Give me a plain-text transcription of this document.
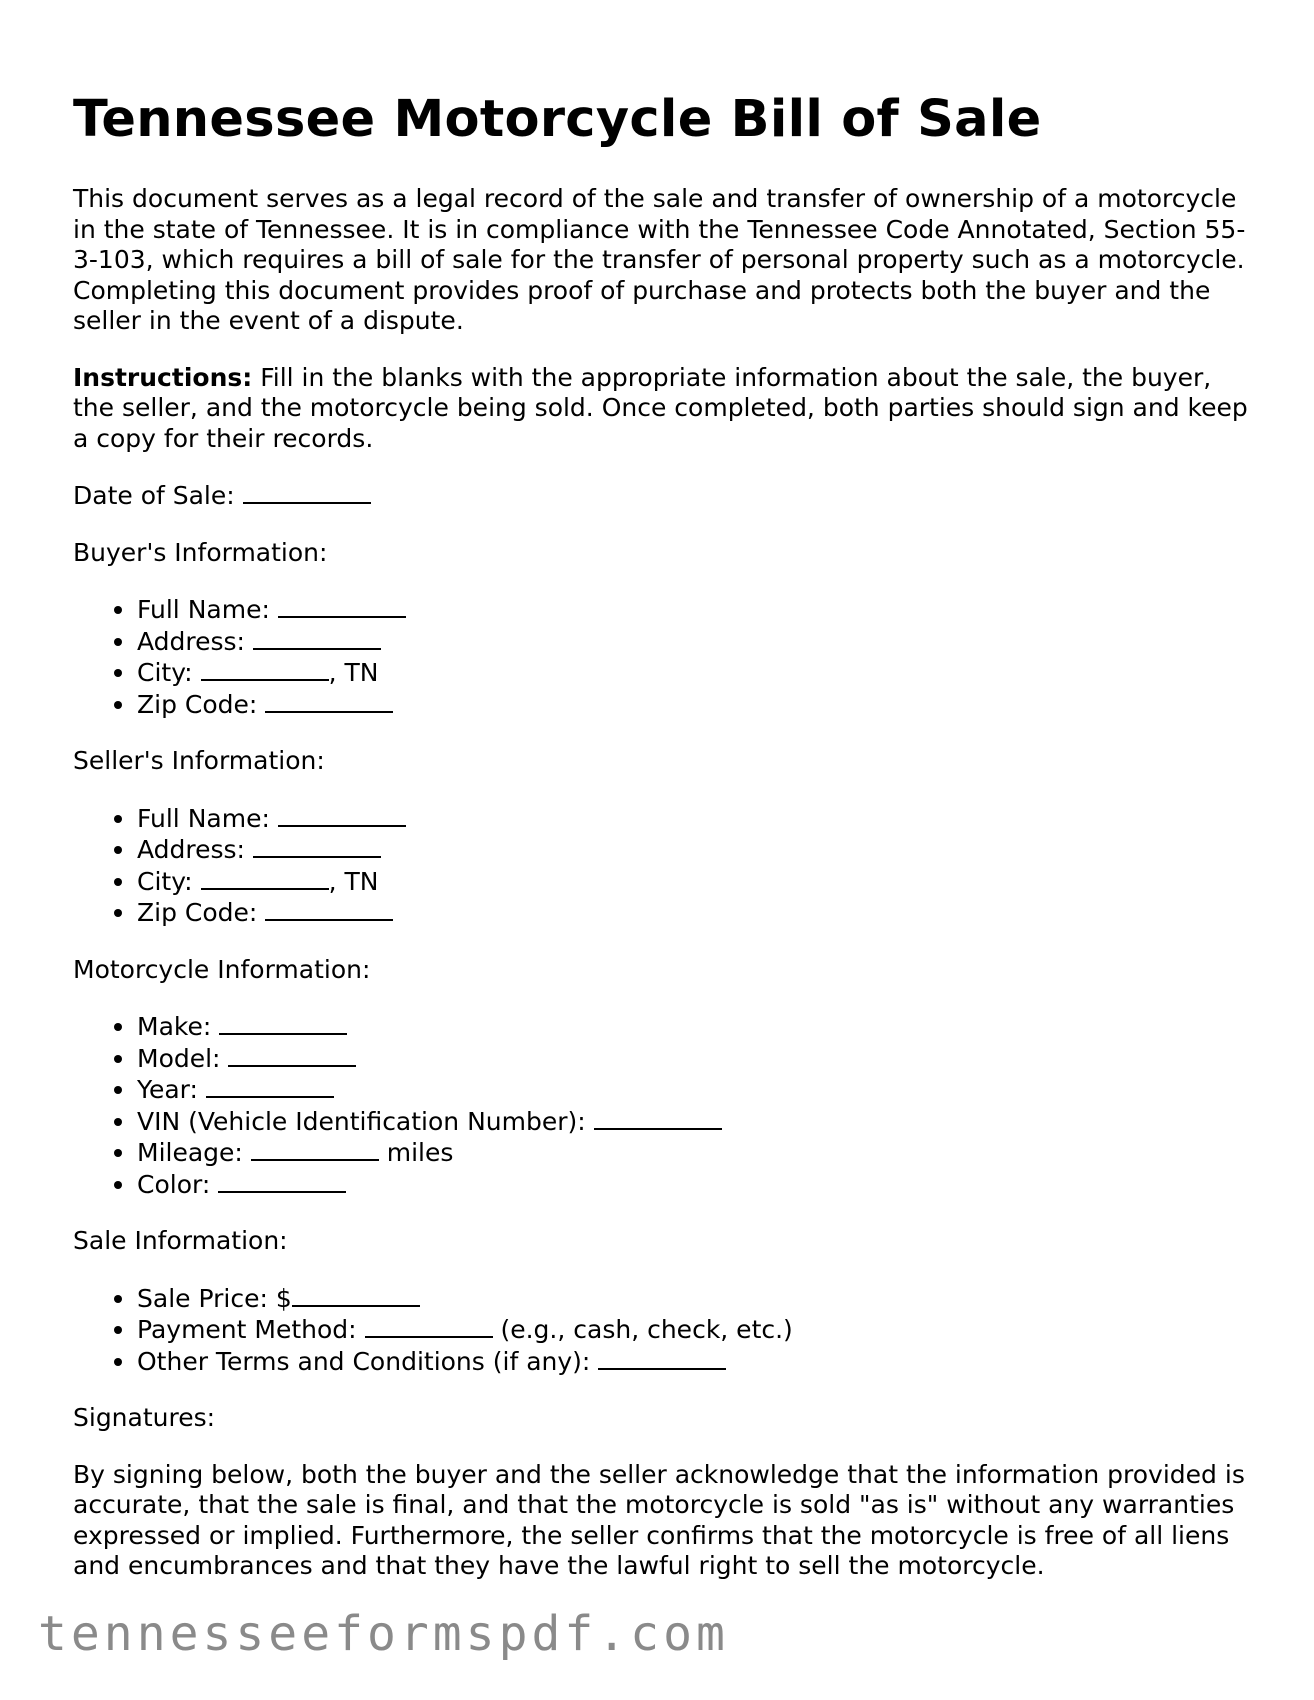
Tennessee Motorcycle Bill of Sale

This document serves as a legal record of the sale and transfer of ownership of a motorcycle in the state of Tennessee. It is in compliance with the Tennessee Code Annotated, Section 55-3-103, which requires a bill of sale for the transfer of personal property such as a motorcycle. Completing this document provides proof of purchase and protects both the buyer and the seller in the event of a dispute.

Instructions: Fill in the blanks with the appropriate information about the sale, the buyer, the seller, and the motorcycle being sold. Once completed, both parties should sign and keep a copy for their records.

Date of Sale:

Buyer's Information:

Full Name:
Address:
City:	, TN
Zip Code:

Seller's Information:

Full Name:
Address:
City:	, TN
Zip Code:

Motorcycle Information:

Make:
Model:
Year:
VIN (Vehicle Identification Number):
Mileage:	miles
Color:

Sale Information:

Sale Price: $
Payment Method:	(e.g., cash, check, etc.)
Other Terms and Conditions (if any):

Signatures:

By signing below, both the buyer and the seller acknowledge that the information provided is accurate, that the sale is final, and that the motorcycle is sold "as is" without any warranties expressed or implied. Furthermore, the seller confirms that the motorcycle is free of all liens and encumbrances and that they have the lawful right to sell the motorcycle.

tennesseeformspdf.com
